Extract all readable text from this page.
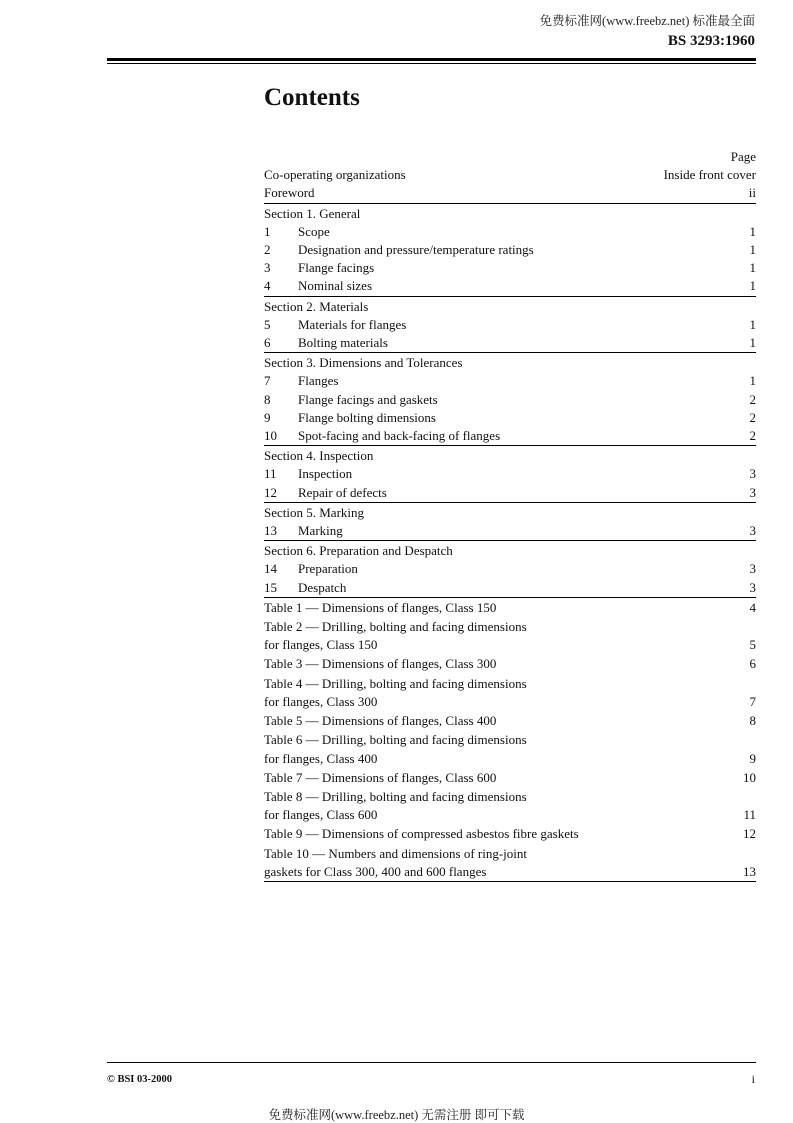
免费标准网(www.freebz.net) 标准最全面
BS 3293:1960
Contents
Page
Co-operating organizations	Inside front cover
Foreword	ii
Section 1. General
1	Scope	1
2	Designation and pressure/temperature ratings	1
3	Flange facings	1
4	Nominal sizes	1
Section 2. Materials
5	Materials for flanges	1
6	Bolting materials	1
Section 3. Dimensions and Tolerances
7	Flanges	1
8	Flange facings and gaskets	2
9	Flange bolting dimensions	2
10	Spot-facing and back-facing of flanges	2
Section 4. Inspection
11	Inspection	3
12	Repair of defects	3
Section 5. Marking
13	Marking	3
Section 6. Preparation and Despatch
14	Preparation	3
15	Despatch	3
Table 1 — Dimensions of flanges, Class 150	4
Table 2 — Drilling, bolting and facing dimensions
for flanges, Class 150	5
Table 3 — Dimensions of flanges, Class 300	6
Table 4 — Drilling, bolting and facing dimensions
for flanges, Class 300	7
Table 5 — Dimensions of flanges, Class 400	8
Table 6 — Drilling, bolting and facing dimensions
for flanges, Class 400	9
Table 7 — Dimensions of flanges, Class 600	10
Table 8 — Drilling, bolting and facing dimensions
for flanges, Class 600	11
Table 9 — Dimensions of compressed asbestos fibre gaskets	12
Table 10 — Numbers and dimensions of ring-joint
gaskets for Class 300, 400 and 600 flanges	13
© BSI 03-2000	i
免费标准网(www.freebz.net) 无需注册 即可下载
